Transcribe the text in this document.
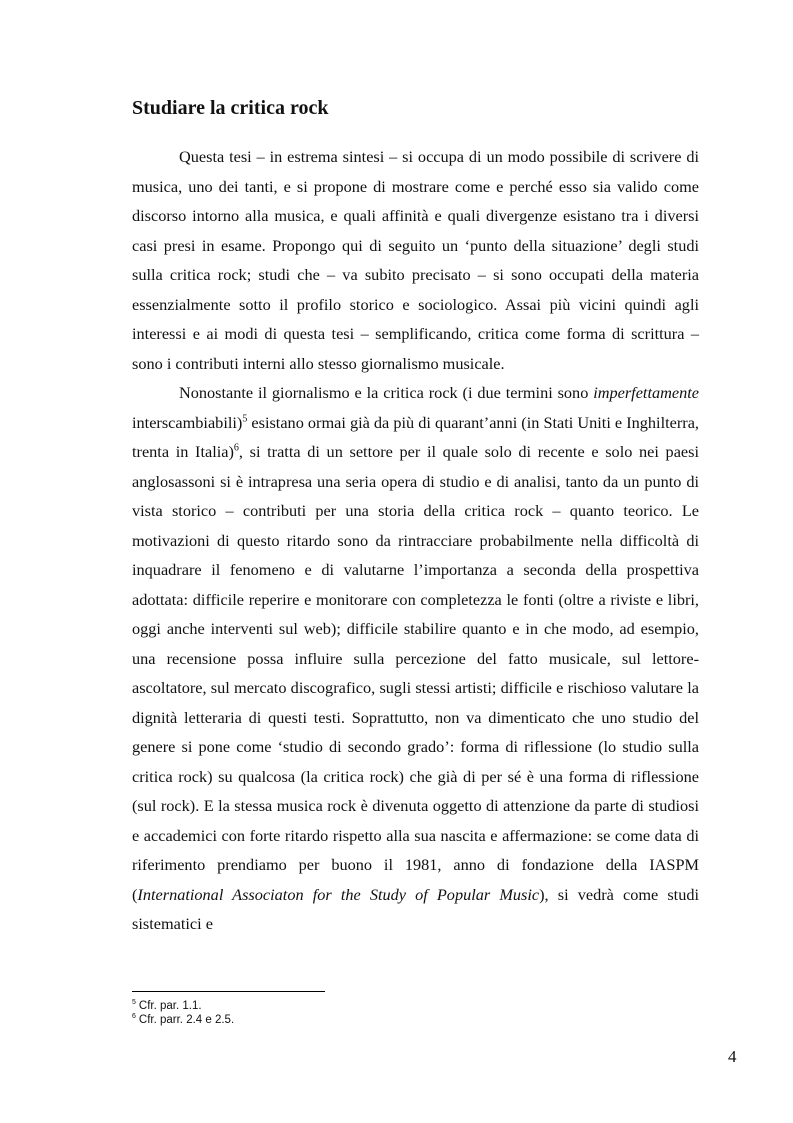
Studiare la critica rock

Questa tesi – in estrema sintesi – si occupa di un modo possibile di scrivere di musica, uno dei tanti, e si propone di mostrare come e perché esso sia valido come discorso intorno alla musica, e quali affinità e quali divergenze esistano tra i diversi casi presi in esame. Propongo qui di seguito un ‘punto della situazione’ degli studi sulla critica rock; studi che – va subito precisato – si sono occupati della materia essenzialmente sotto il profilo storico e sociologico. Assai più vicini quindi agli interessi e ai modi di questa tesi – semplificando, critica come forma di scrittura – sono i contributi interni allo stesso giornalismo musicale.

Nonostante il giornalismo e la critica rock (i due termini sono imperfettamente interscambiabili)$^5$ esistano ormai già da più di quarant’anni (in Stati Uniti e Inghilterra, trenta in Italia)$^6$, si tratta di un settore per il quale solo di recente e solo nei paesi anglosassoni si è intrapresa una seria opera di studio e di analisi, tanto da un punto di vista storico – contributi per una storia della critica rock – quanto teorico. Le motivazioni di questo ritardo sono da rintracciare probabilmente nella difficoltà di inquadrare il fenomeno e di valutarne l’importanza a seconda della prospettiva adottata: difficile reperire e monitorare con completezza le fonti (oltre a riviste e libri, oggi anche interventi sul web); difficile stabilire quanto e in che modo, ad esempio, una recensione possa influire sulla percezione del fatto musicale, sul lettore-ascoltatore, sul mercato discografico, sugli stessi artisti; difficile e rischioso valutare la dignità letteraria di questi testi. Soprattutto, non va dimenticato che uno studio del genere si pone come ‘studio di secondo grado’: forma di riflessione (lo studio sulla critica rock) su qualcosa (la critica rock) che già di per sé è una forma di riflessione (sul rock). E la stessa musica rock è divenuta oggetto di attenzione da parte di studiosi e accademici con forte ritardo rispetto alla sua nascita e affermazione: se come data di riferimento prendiamo per buono il 1981, anno di fondazione della IASPM (International Associaton for the Study of Popular Music), si vedrà come studi sistematici e

$^5$ Cfr. par. 1.1.
$^6$ Cfr. parr. 2.4 e 2.5.
4
